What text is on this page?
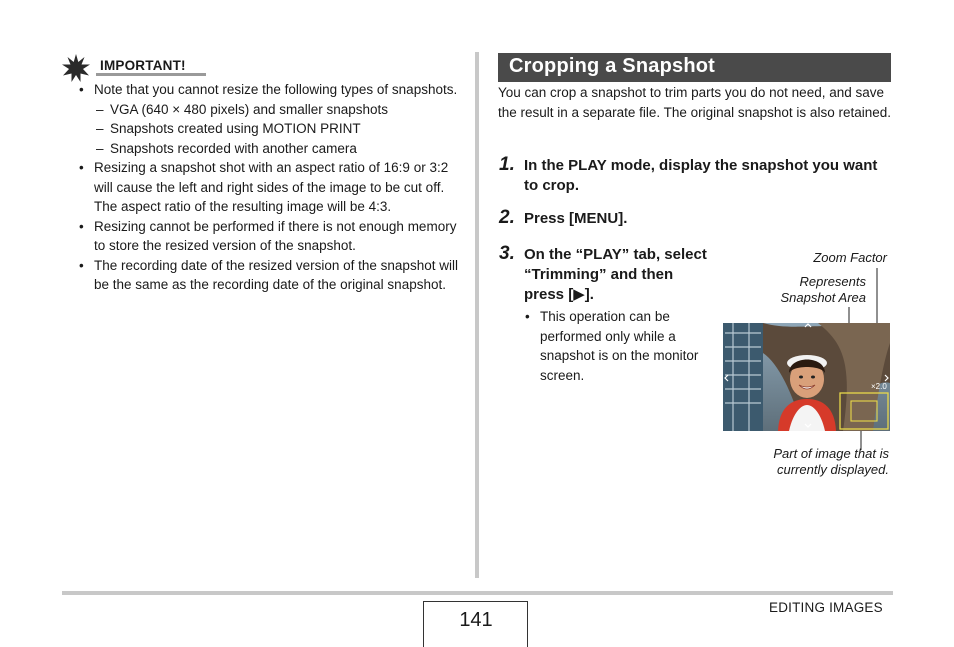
IMPORTANT!
• Note that you cannot resize the following types of snapshots.
– VGA (640 × 480 pixels) and smaller snapshots
– Snapshots created using MOTION PRINT
– Snapshots recorded with another camera
• Resizing a snapshot shot with an aspect ratio of 16:9 or 3:2 will cause the left and right sides of the image to be cut off. The aspect ratio of the resulting image will be 4:3.
• Resizing cannot be performed if there is not enough memory to store the resized version of the snapshot.
• The recording date of the resized version of the snapshot will be the same as the recording date of the original snapshot.
Cropping a Snapshot
You can crop a snapshot to trim parts you do not need, and save the result in a separate file. The original snapshot is also retained.
1. In the PLAY mode, display the snapshot you want to crop.
2. Press [MENU].
3. On the “PLAY” tab, select “Trimming” and then press [▶].
• This operation can be performed only while a snapshot is on the monitor screen.
Zoom Factor
Represents Snapshot Area
Part of image that is currently displayed.
×2.0
141
EDITING IMAGES
